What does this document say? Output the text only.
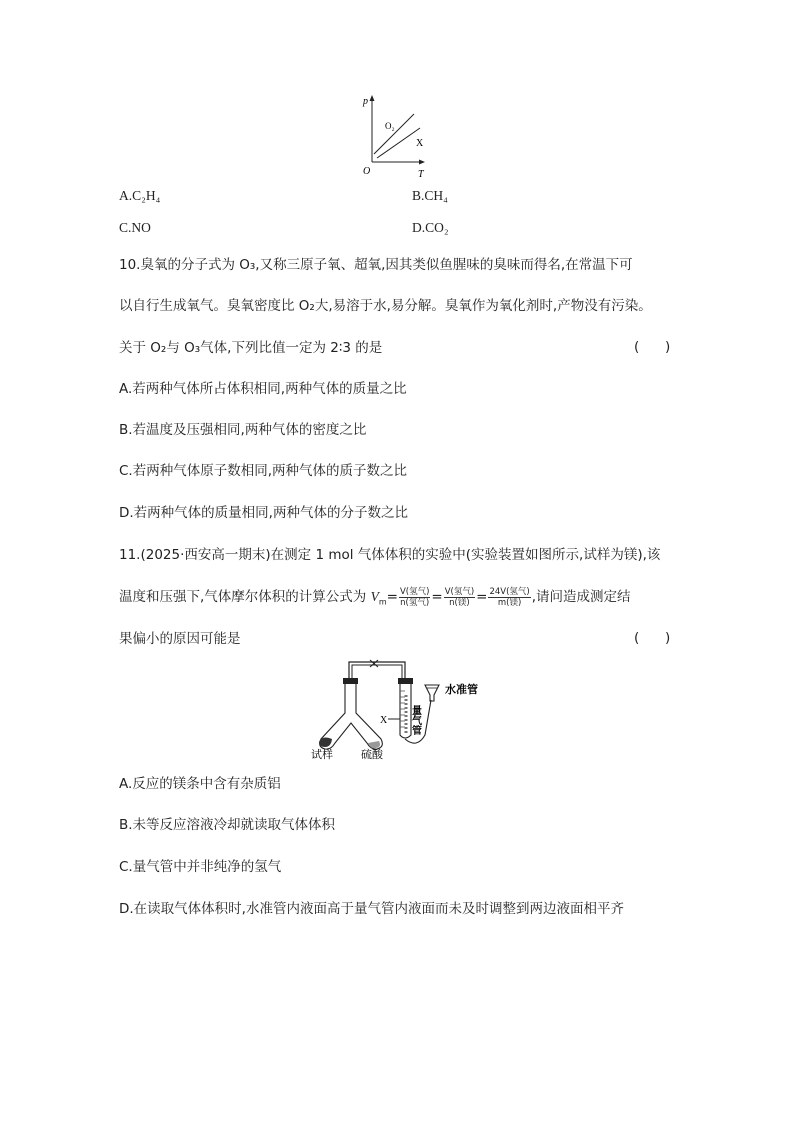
p
T
O
O₂
X
A.C₂H₄	B.CH₄
C.NO	D.CO₂
10.臭氧的分子式为 O₃,又称三原子氧、超氧,因其类似鱼腥味的臭味而得名,在常温下可
以自行生成氧气。臭氧密度比 O₂大,易溶于水,易分解。臭氧作为氧化剂时,产物没有污染。
关于 O₂与 O₃气体,下列比值一定为 2∶3 的是	(      )
A.若两种气体所占体积相同,两种气体的质量之比
B.若温度及压强相同,两种气体的密度之比
C.若两种气体原子数相同,两种气体的质子数之比
D.若两种气体的质量相同,两种气体的分子数之比
11.(2025·西安高一期末)在测定 1 mol 气体体积的实验中(实验装置如图所示,试样为镁),该
温度和压强下,气体摩尔体积的计算公式为 $V_m= \frac{\text{V(氢气)}}{\text{n(氢气)}} = \frac{\text{V(氢气)}}{\text{n(镁)}} = \frac{\text{24V(氢气)}}{\text{m(镁)}}$ ,请问造成测定结
果偏小的原因可能是	(      )
X
试样	硫酸
水准管
量气管
A.反应的镁条中含有杂质铝
B.未等反应溶液冷却就读取气体体积
C.量气管中并非纯净的氢气
D.在读取气体体积时,水准管内液面高于量气管内液面而未及时调整到两边液面相平齐
